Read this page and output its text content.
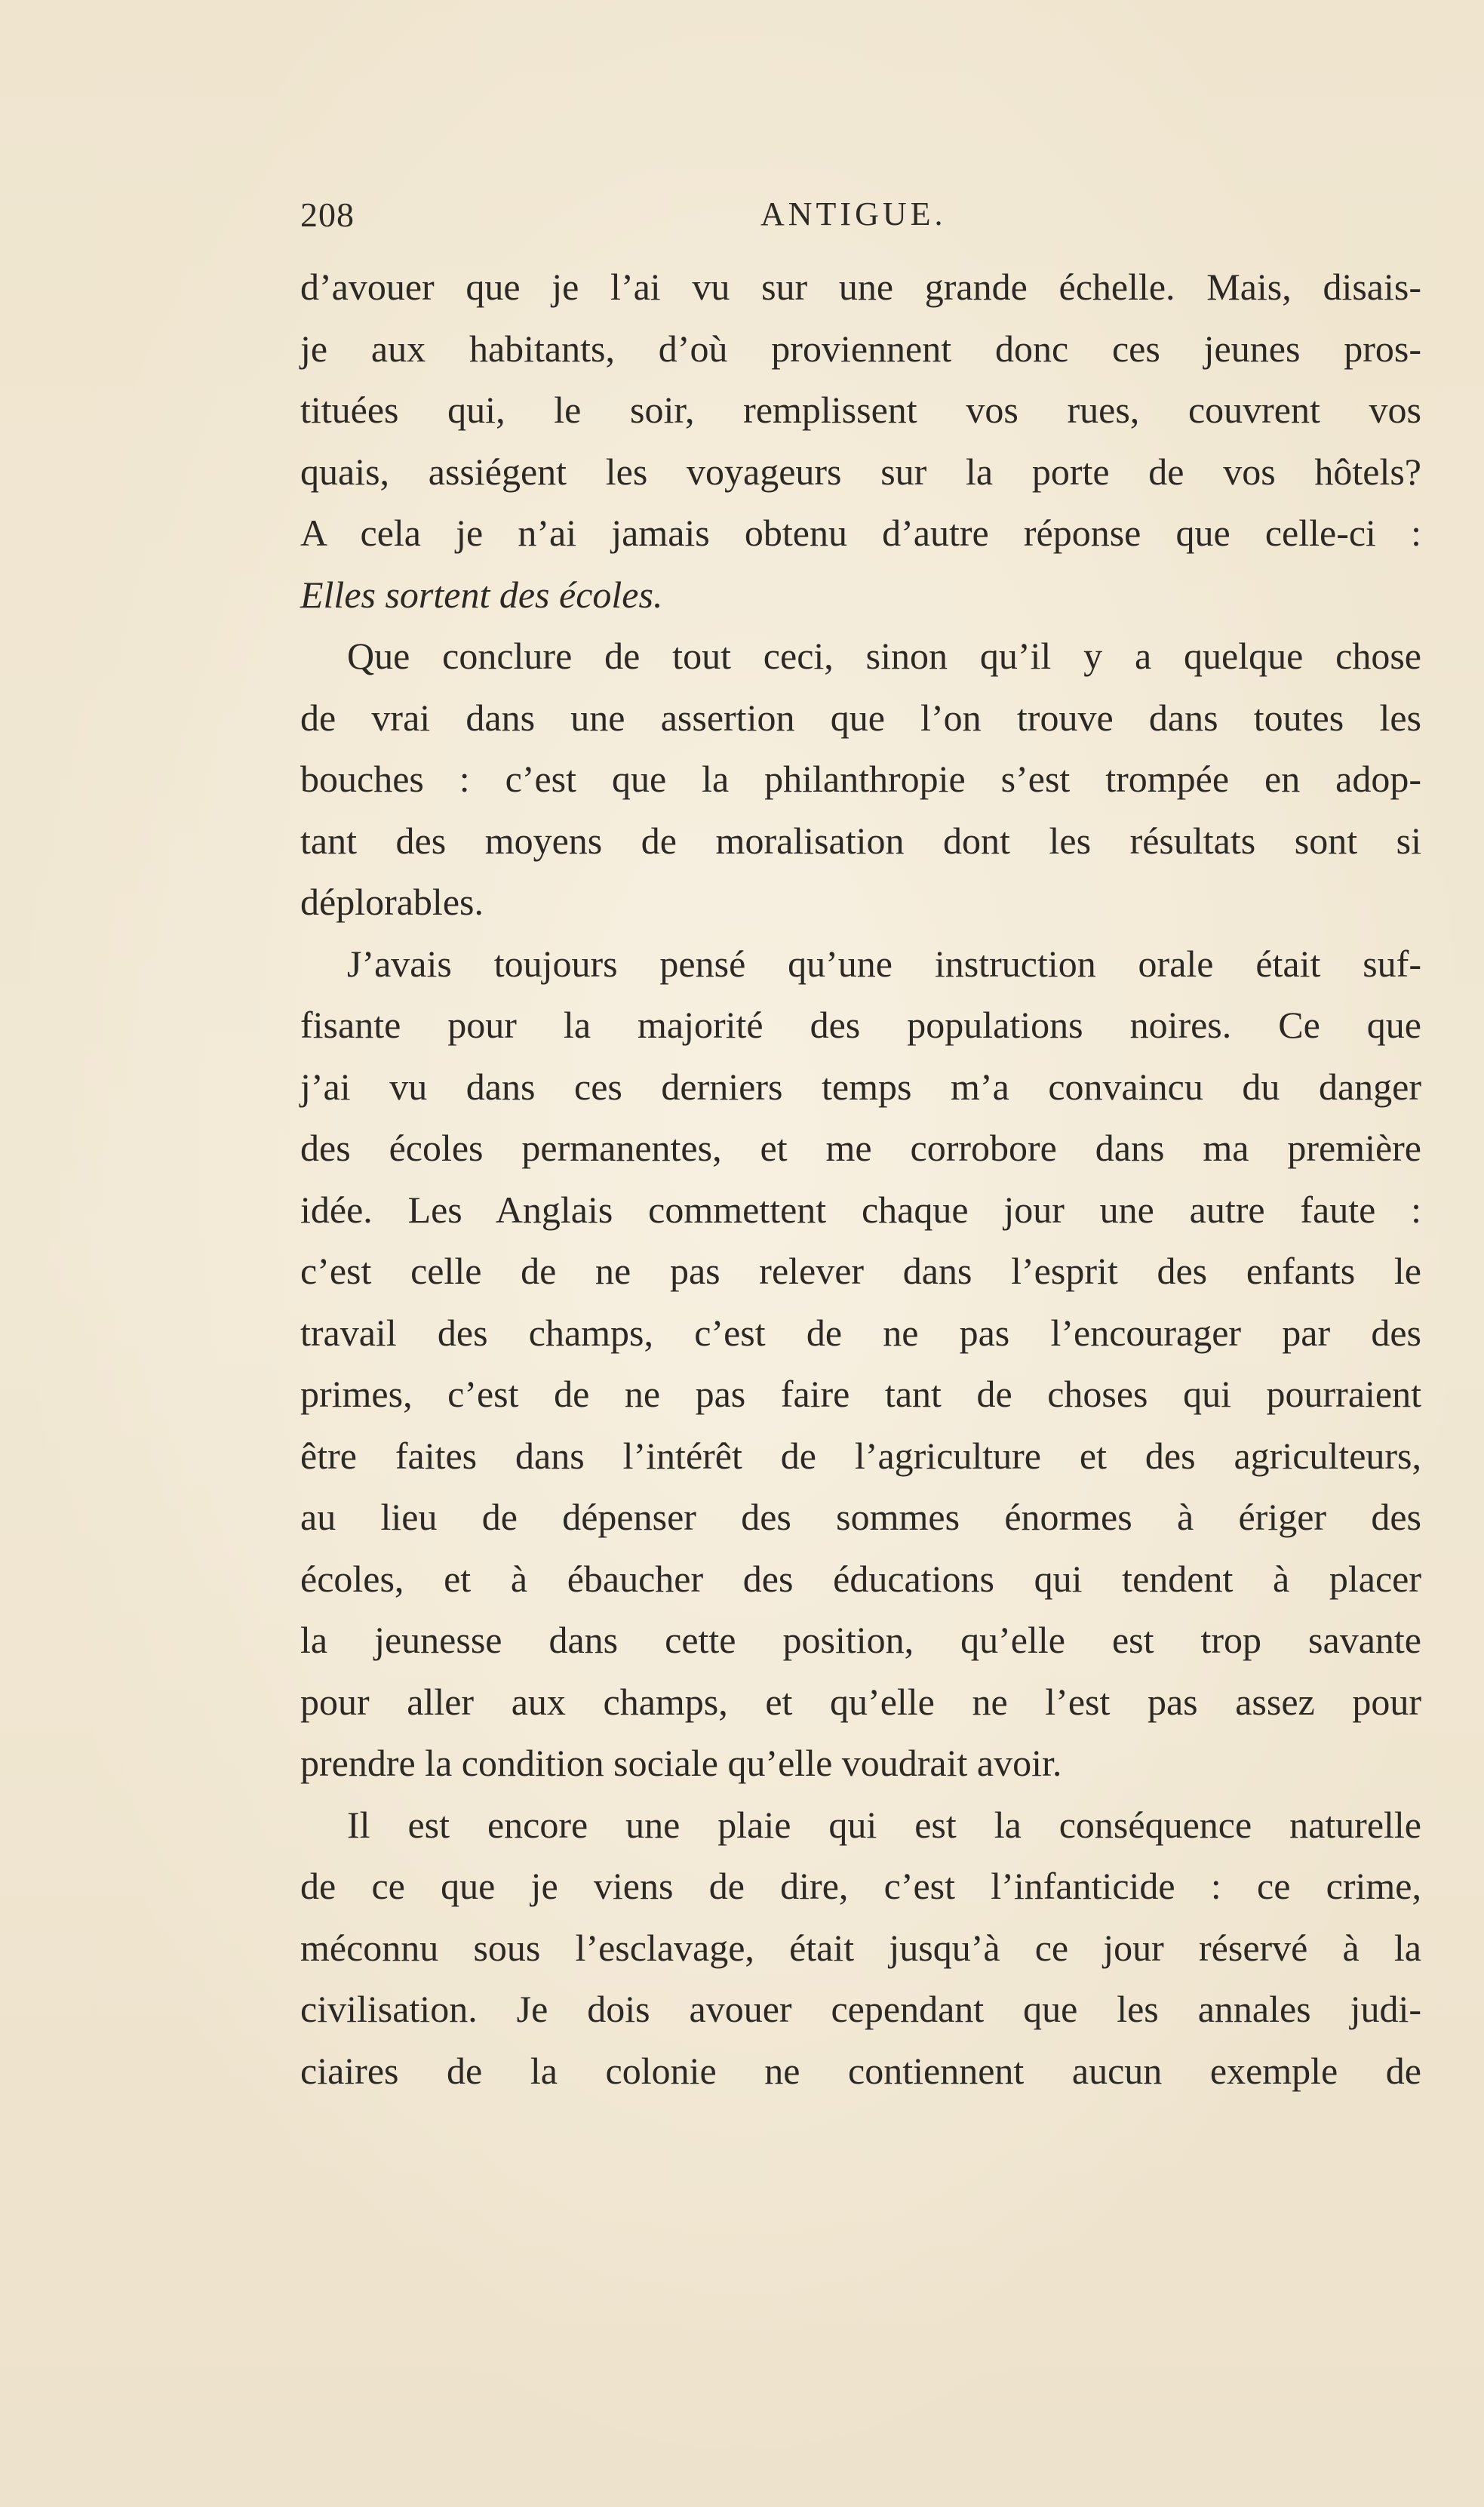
208	ANTIGUE.
d’avouer que je l’ai vu sur une grande échelle. Mais, disais-
je aux habitants, d’où proviennent donc ces jeunes pros-
tituées qui, le soir, remplissent vos rues, couvrent vos
quais, assiégent les voyageurs sur la porte de vos hôtels?
A cela je n’ai jamais obtenu d’autre réponse que celle-ci :
Elles sortent des écoles.
Que conclure de tout ceci, sinon qu’il y a quelque chose
de vrai dans une assertion que l’on trouve dans toutes les
bouches : c’est que la philanthropie s’est trompée en adop-
tant des moyens de moralisation dont les résultats sont si
déplorables.
J’avais toujours pensé qu’une instruction orale était suf-
fisante pour la majorité des populations noires. Ce que
j’ai vu dans ces derniers temps m’a convaincu du danger
des écoles permanentes, et me corrobore dans ma première
idée. Les Anglais commettent chaque jour une autre faute :
c’est celle de ne pas relever dans l’esprit des enfants le
travail des champs, c’est de ne pas l’encourager par des
primes, c’est de ne pas faire tant de choses qui pourraient
être faites dans l’intérêt de l’agriculture et des agriculteurs,
au lieu de dépenser des sommes énormes à ériger des
écoles, et à ébaucher des éducations qui tendent à placer
la jeunesse dans cette position, qu’elle est trop savante
pour aller aux champs, et qu’elle ne l’est pas assez pour
prendre la condition sociale qu’elle voudrait avoir.
Il est encore une plaie qui est la conséquence naturelle
de ce que je viens de dire, c’est l’infanticide : ce crime,
méconnu sous l’esclavage, était jusqu’à ce jour réservé à la
civilisation. Je dois avouer cependant que les annales judi-
ciaires de la colonie ne contiennent aucun exemple de
